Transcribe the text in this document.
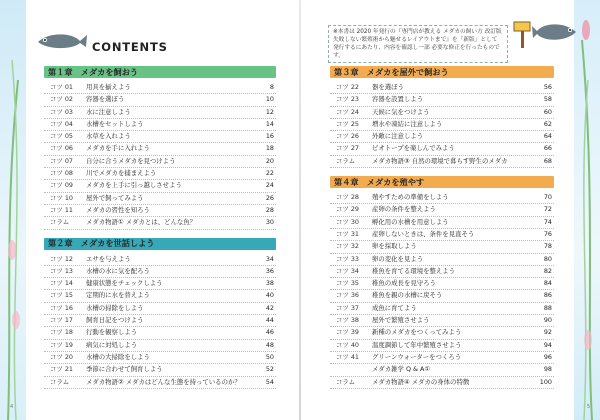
CONTENTS
※本書は 2020 年発行の『専門店が教える メダカの飼い方 改訂版 失敗しない繁殖術から魅せるレイアウトまで』を「新版」として発行するにあたり、内容を確認し一部 必要な修正を行ったものです。
第１章　メダカを飼おう
コツ 01	用具を揃えよう	8
コツ 02	容器を選ぼう	10
コツ 03	水に注意しよう	12
コツ 04	水槽をセットしよう	14
コツ 05	水草を入れよう	16
コツ 06	メダカを手に入れよう	18
コツ 07	自分に合うメダカを見つけよう	20
コツ 08	川でメダカを捕まえよう	22
コツ 09	メダカを上手に引っ越しさせよう	24
コツ 10	屋外で飼ってみよう	26
コツ 11	メダカの習性を知ろう	28
コラム	メダカ物語① メダカとは、どんな魚？	30
第２章　メダカを世話しよう
コツ 12	エサを与えよう	34
コツ 13	水槽の水に気を配ろう	36
コツ 14	健康状態をチェックしよう	38
コツ 15	定期的に水を替えよう	40
コツ 16	水槽の掃除をしよう	42
コツ 17	飼育日記をつけよう	44
コツ 18	行動を観察しよう	46
コツ 19	病気に対処しよう	48
コツ 20	水槽の大掃除をしよう	50
コツ 21	季節に合わせて飼育しよう	52
コラム	メダカ物語② メダカはどんな生態を持っているのか？	54
第３章　メダカを屋外で飼おう
コツ 22	器を選ぼう	56
コツ 23	容器を設置しよう	58
コツ 24	天候に気をつけよう	60
コツ 25	増水や凍結に注意しよう	62
コツ 26	外敵に注意しよう	64
コツ 27	ビオトープを楽しんでみよう	66
コラム	メダカ物語③ 自然の環境で暮らす野生のメダカ	68
第４章　メダカを殖やす
コツ 28	殖やすための準備をしよう	70
コツ 29	産卵の条件を整えよう	72
コツ 30	孵化用の水槽を用意しよう	74
コツ 31	産卵しないときは、条件を見直そう	76
コツ 32	卵を採取しよう	78
コツ 33	卵の変化を見よう	80
コツ 34	稚魚を育てる環境を整えよう	82
コツ 35	稚魚の成長を見守ろう	84
コツ 36	稚魚を親の水槽に戻そう	86
コツ 37	成魚に育てよう	88
コツ 38	屋外で繁殖させよう	90
コツ 39	新種のメダカをつくってみよう	92
コツ 40	温度調節して年中繁殖させよう	94
コツ 41	グリーンウォーターをつくろう	96
メダカ雑学 Q & A①	98
コラム	メダカ物語④ メダカの身体の特徴	100
4	5
